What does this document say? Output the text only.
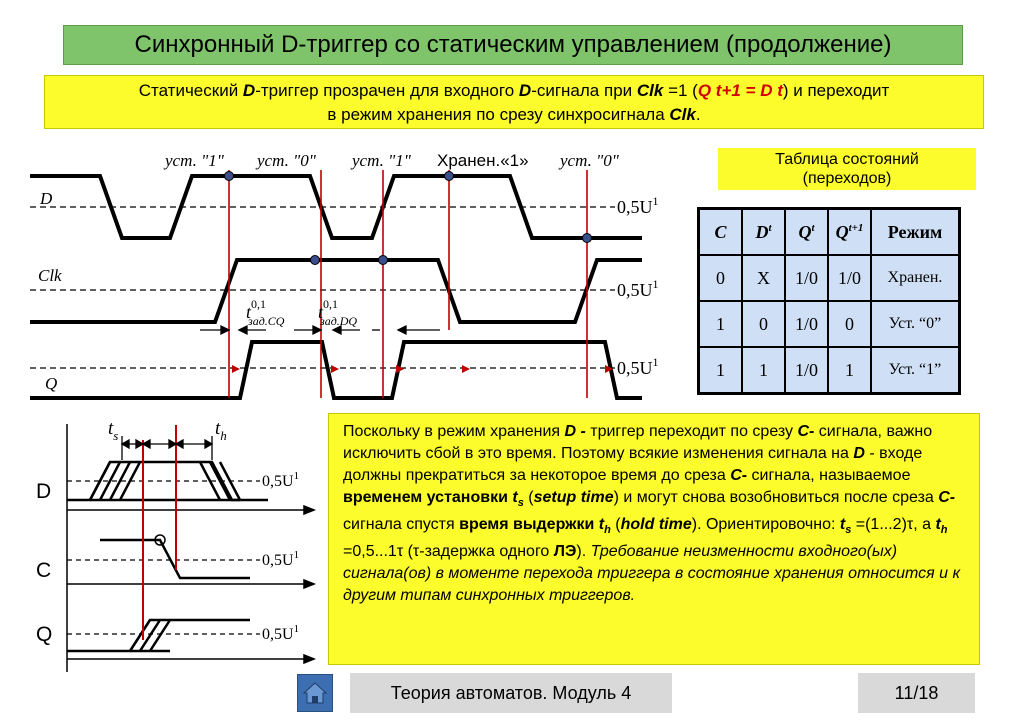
Синхронный D-триггер со статическим управлением (продолжение)
Статический D-триггер прозрачен для входного D-сигнала при Clk =1 (Q t+1 = D t) и переходит
в режим хранения по срезу синхросигнала Clk.
D
Clk
Q
$0,5U^1$
$0,5U^1$
$0,5U^1$
уст. "1" уст. "0" уст. "1" Хранен.«1» уст. "0"
$t^{0,1}$ зад.CQ $t^{0,1}$ зад.DQ
$t_s$	$t_h$
D
C
Q
$0,5U^1$
$0,5U^1$
$0,5U^1$
Таблица состояний
(переходов)
C	$D^t$	$Q^t$	$Q^{t+1}$	Режим
0	X	1/0	1/0	Хранен.
1	0	1/0	0	Уст. “0”
1	1	1/0	1	Уст. “1”
Поскольку в режим хранения D - триггер переходит по срезу С- сигнала, важно исключить сбой в это время. Поэтому всякие изменения сигнала на D - входе должны прекратиться за некоторое время до среза С- сигнала, называемое временем установки $t_s$ (setup time) и могут снова возобновиться после среза С- сигнала спустя время выдержки $t_h$ (hold time). Ориентировочно: $t_s =(1...2)\tau$, а $t_h =0,5...1\tau$ (τ-задержка одного ЛЭ). Требование неизменности входного(ых) сигнала(ов) в моменте перехода триггера в состояние хранения относится и к другим типам синхронных триггеров.
Теория автоматов. Модуль 4	11/18
